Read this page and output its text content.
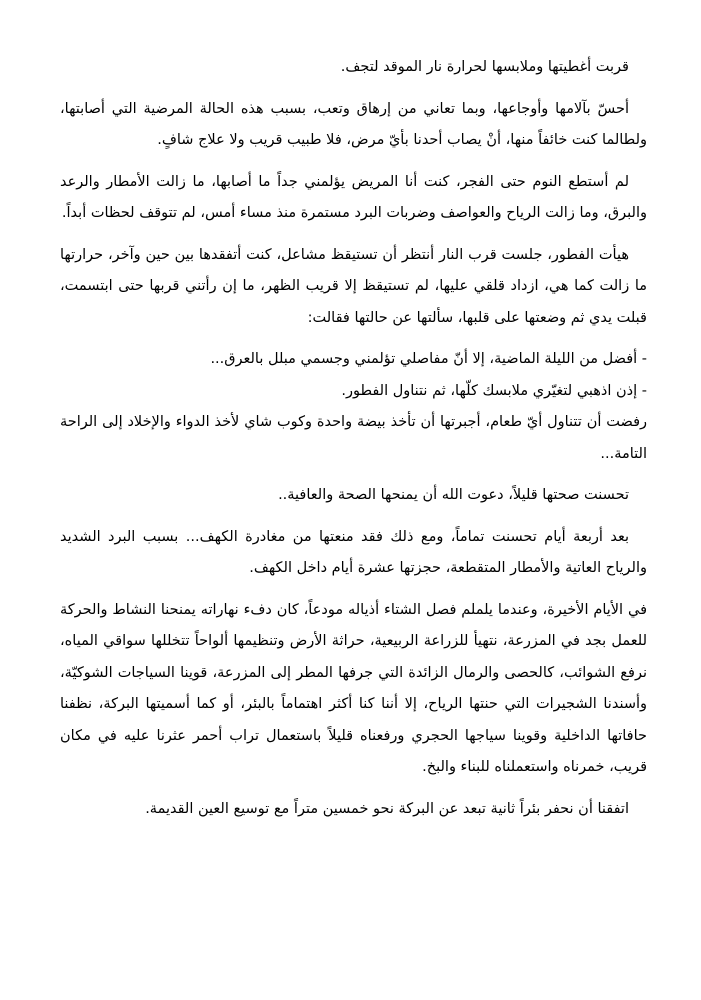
قربت أغطيتها وملابسها لحرارة نار الموقد لتجف.

أحسّ بآلامها وأوجاعها، وبما تعاني من إرهاق وتعب، بسبب هذه الحالة المرضية التي أصابتها، ولطالما كنت خائفاً منها، أنْ يصاب أحدنا بأيّ مرض، فلا طبيب قريب ولا علاج شافٍ.

لم أستطع النوم حتى الفجر، كنت أنا المريض يؤلمني جداً ما أصابها، ما زالت الأمطار والرعد والبرق، وما زالت الرياح والعواصف وضربات البرد مستمرة منذ مساء أمس، لم تتوقف لحظات أبداً.

هيأت الفطور، جلست قرب النار أنتظر أن تستيقظ مشاعل، كنت أتفقدها بين حين وآخر، حرارتها ما زالت كما هي، ازداد قلقي عليها، لم تستيقظ إلا قريب الظهر، ما إن رأتني قربها حتى ابتسمت، قبلت يدي ثم وضعتها على قلبها، سألتها عن حالتها فقالت:

- أفضل من الليلة الماضية، إلا أنّ مفاصلي تؤلمني وجسمي مبلل بالعرق...

- إذن اذهبي لتغيّري ملابسك كلّها، ثم نتناول الفطور.

رفضت أن تتناول أيّ طعام، أجبرتها أن تأخذ بيضة واحدة وكوب شاي لأخذ الدواء والإخلاد إلى الراحة التامة...

تحسنت صحتها قليلاً، دعوت الله أن يمنحها الصحة والعافية..

بعد أربعة أيام تحسنت تماماً، ومع ذلك فقد منعتها من مغادرة الكهف... بسبب البرد الشديد والرياح العاتية والأمطار المتقطعة، حجزتها عشرة أيام داخل الكهف.

في الأيام الأخيرة، وعندما يلملم فصل الشتاء أذياله مودعاً، كان دفء نهاراته يمنحنا النشاط والحركة للعمل بجد في المزرعة، نتهيأ للزراعة الربيعية، حراثة الأرض وتنظيمها ألواحاً تتخللها سواقي المياه، نرفع الشوائب، كالحصى والرمال الزائدة التي جرفها المطر إلى المزرعة، قوينا السياجات الشوكيّة، وأسندنا الشجيرات التي حنتها الرياح، إلا أننا كنا أكثر اهتماماً بالبئر، أو كما أسميتها البركة، نظفنا حافاتها الداخلية وقوينا سياجها الحجري ورفعناه قليلاً باستعمال تراب أحمر عثرنا عليه في مكان قريب، خمرناه واستعملناه للبناء والبخ.

اتفقنا أن نحفر بئراً ثانية تبعد عن البركة نحو خمسين متراً مع توسيع العين القديمة.
